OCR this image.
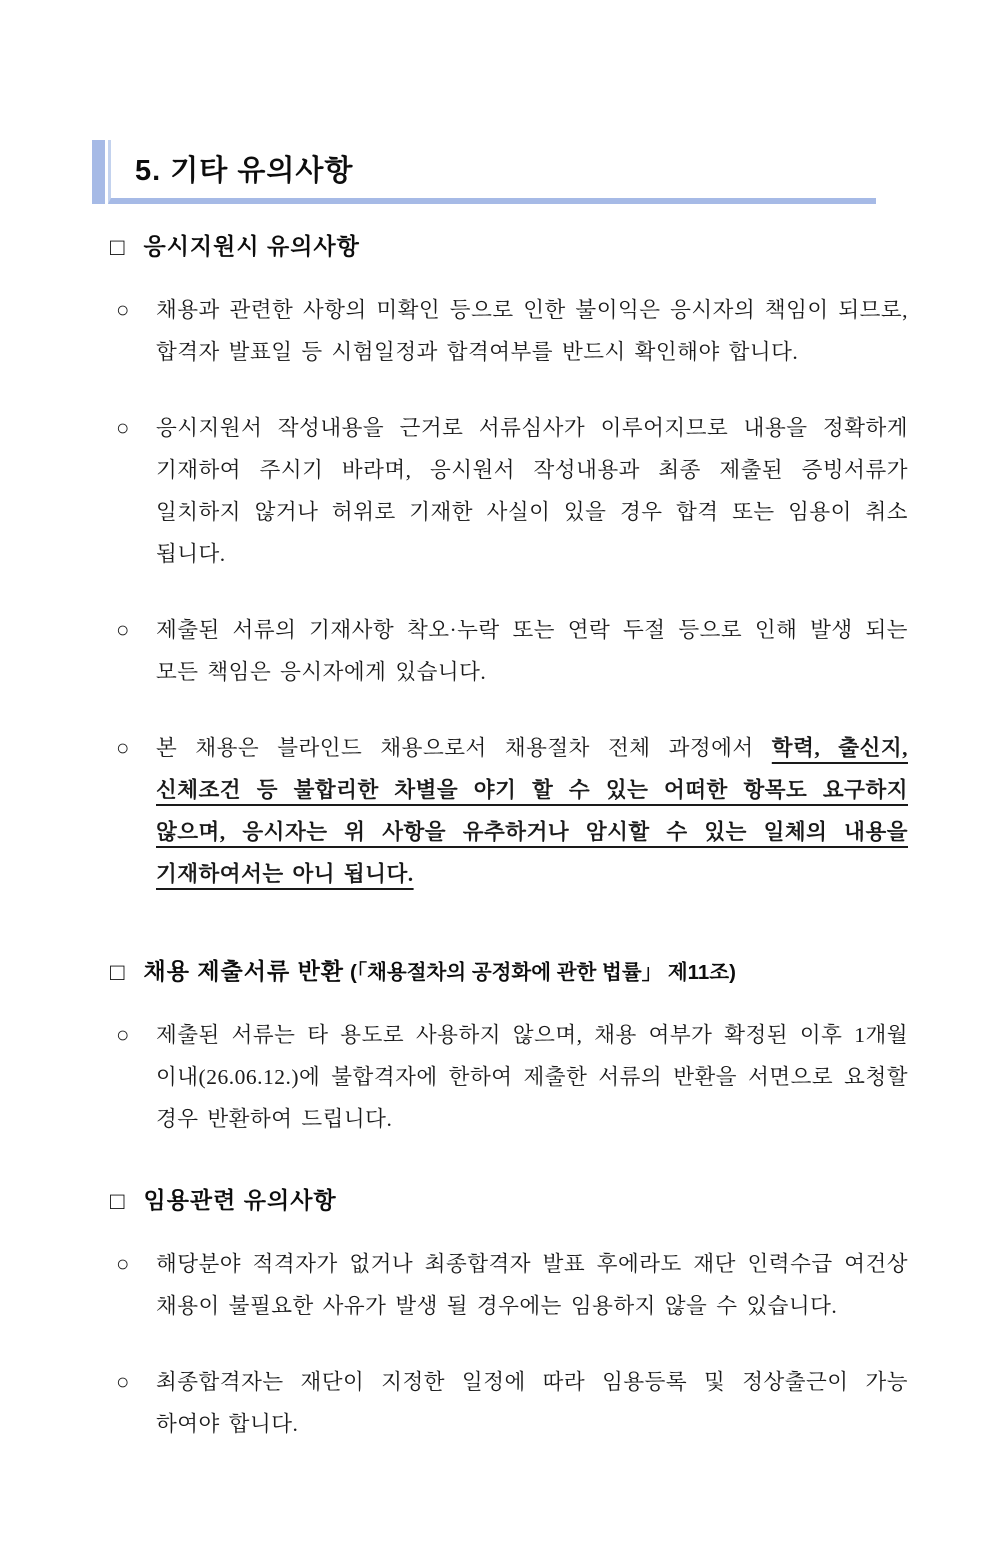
5. 기타 유의사항
□ 응시지원시 유의사항
○	채용과 관련한 사항의 미확인 등으로 인한 불이익은 응시자의 책임이 되므로, 합격자 발표일 등 시험일정과 합격여부를 반드시 확인해야 합니다.

○	응시지원서 작성내용을 근거로 서류심사가 이루어지므로 내용을 정확하게 기재하여 주시기 바라며, 응시원서 작성내용과 최종 제출된 증빙서류가 일치하지 않거나 허위로 기재한 사실이 있을 경우 합격 또는 임용이 취소 됩니다.

○	제출된 서류의 기재사항 착오·누락 또는 연락 두절 등으로 인해 발생 되는 모든 책임은 응시자에게 있습니다.

○	본 채용은 블라인드 채용으로서 채용절차 전체 과정에서 학력, 출신지, 신체조건 등 불합리한 차별을 야기 할 수 있는 어떠한 항목도 요구하지 않으며, 응시자는 위 사항을 유추하거나 암시할 수 있는 일체의 내용을 기재하여서는 아니 됩니다.

□ 채용 제출서류 반환 (「채용절차의 공정화에 관한 법률」 제11조)
○	제출된 서류는 타 용도로 사용하지 않으며, 채용 여부가 확정된 이후 1개월 이내(26.06.12.)에 불합격자에 한하여 제출한 서류의 반환을 서면으로 요청할 경우 반환하여 드립니다.

□ 임용관련 유의사항
○	해당분야 적격자가 없거나 최종합격자 발표 후에라도 재단 인력수급 여건상 채용이 불필요한 사유가 발생 될 경우에는 임용하지 않을 수 있습니다.

○	최종합격자는 재단이 지정한 일정에 따라 임용등록 및 정상출근이 가능 하여야 합니다.
